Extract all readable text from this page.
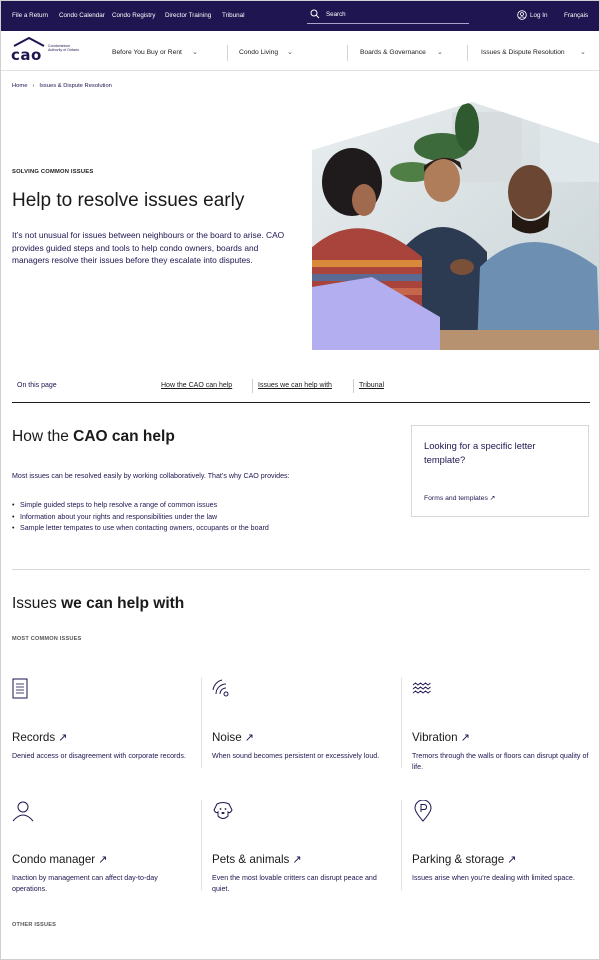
File a Return Condo Calendar Condo Registry Director Training Tribunal	Search	Log In	Français
cao Condominium Authority of Ontario	Before You Buy or Rent ⌄	Condo Living ⌄	Boards & Governance ⌄	Issues & Dispute Resolution ⌄
Home › Issues & Dispute Resolution
SOLVING COMMON ISSUES
Help to resolve issues early
It’s not unusual for issues between neighbours or the board to arise. CAO provides guided steps and tools to help condo owners, boards and managers resolve their issues before they escalate into disputes.
On this page	How the CAO can help	Issues we can help with	Tribunal
How the CAO can help
Most issues can be resolved easily by working collaboratively. That’s why CAO provides:
• Simple guided steps to help resolve a range of common issues
• Information about your rights and responsibilities under the law
• Sample letter tempates to use when contacting owners, occupants or the board
Looking for a specific letter template?
Forms and templates ↗
Issues we can help with
MOST COMMON ISSUES
Records ↗
Denied access or disagreement with corporate records.
Noise ↗
When sound becomes persistent or excessively loud.
Vibration ↗
Tremors through the walls or floors can disrupt quality of life.
Condo manager ↗
Inaction by management can affect day-to-day operations.
Pets & animals ↗
Even the most lovable critters can disrupt peace and quiet.
Parking & storage ↗
Issues arise when you’re dealing with limited space.
OTHER ISSUES
